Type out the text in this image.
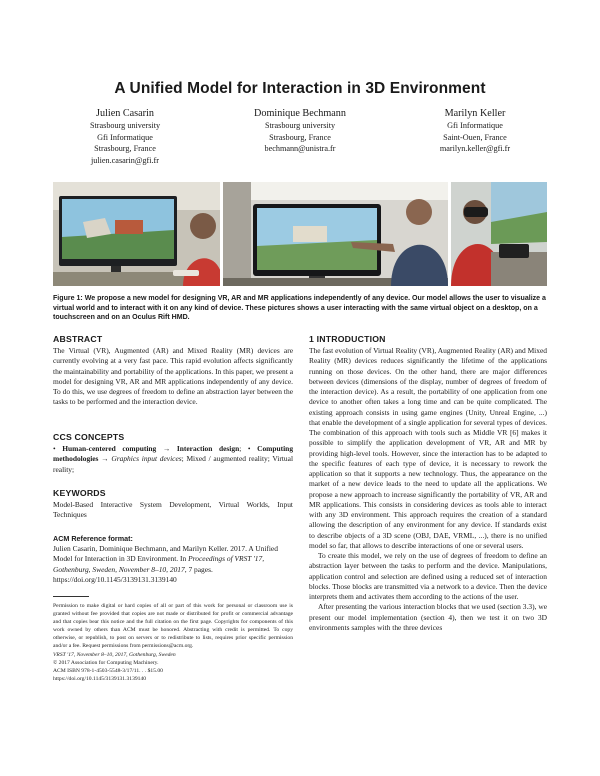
A Unified Model for Interaction in 3D Environment
Julien Casarin
Strasbourg university
Gfi Informatique
Strasbourg, France
julien.casarin@gfi.fr
Dominique Bechmann
Strasbourg university
Strasbourg, France
bechmann@unistra.fr
Marilyn Keller
Gfi Informatique
Saint-Ouen, France
marilyn.keller@gfi.fr
Figure 1: We propose a new model for designing VR, AR and MR applications independently of any device. Our model allows the user to visualize a virtual world and to interact with it on any kind of device. These pictures shows a user interacting with the same virtual object on a desktop, on a touchscreen and on an Oculus Rift HMD.
ABSTRACT

The Virtual (VR), Augmented (AR) and Mixed Reality (MR) devices are currently evolving at a very fast pace. This rapid evolution affects significantly the maintainability and portability of the applications. In this paper, we present a model for designing VR, AR and MR applications independently of any device. To do this, we use degrees of freedom to define an abstraction layer between the tasks to be performed and the interaction device.

CCS CONCEPTS

• Human-centered computing → Interaction design; • Computing methodologies → Graphics input devices; Mixed / augmented reality; Virtual reality;

KEYWORDS

Model-Based Interactive System Development, Virtual Worlds, Input Techniques

ACM Reference format:

Julien Casarin, Dominique Bechmann, and Marilyn Keller. 2017. A Unified Model for Interaction in 3D Environment. In Proceedings of VRST '17, Gothenburg, Sweden, November 8–10, 2017, 7 pages.
https://doi.org/10.1145/3139131.3139140

Permission to make digital or hard copies of all or part of this work for personal or classroom use is granted without fee provided that copies are not made or distributed for profit or commercial advantage and that copies bear this notice and the full citation on the first page. Copyrights for components of this work owned by others than ACM must be honored. Abstracting with credit is permitted. To copy otherwise, or republish, to post on servers or to redistribute to lists, requires prior specific permission and/or a fee. Request permissions from permissions@acm.org.

VRST '17, November 8–10, 2017, Gothenburg, Sweden

© 2017 Association for Computing Machinery.

ACM ISBN 978-1-4503-5548-3/17/11. . . $15.00

https://doi.org/10.1145/3139131.3139140

1 INTRODUCTION

The fast evolution of Virtual Reality (VR), Augmented Reality (AR) and Mixed Reality (MR) devices reduces significantly the lifetime of the applications running on those devices. On the other hand, there are major differences between devices (dimensions of the display, number of degrees of freedom of the interaction device). As a result, the portability of one application from one device to another often takes a long time and can be quite complicated. The existing approach consists in using game engines (Unity, Unreal Engine, ...) that enable the development of a single application for several types of devices. The combination of this approach with tools such as Middle VR [6] makes it possible to simplify the application development of VR, AR and MR by providing high-level tools. However, since the interaction has to be adapted to the specific features of each type of device, it is necessary to rework the application so that it supports a new technology. Thus, the appearance on the market of a new device leads to the need to update all the applications. We propose a new approach to increase significantly the portability of VR, AR and MR applications. This consists in considering devices as tools able to interact with any 3D environment. This approach requires the creation of a standard allowing the description of any environment for any device. If standards exist to describe objects of a 3D scene (OBJ, DAE, VRML, ...), there is no unified model so far, that allows to describe interactions of one or several users.

To create this model, we rely on the use of degrees of freedom to define an abstraction layer between the tasks to perform and the device. Manipulations, application control and selection are defined using a reduced set of interaction blocks. Those blocks are transmitted via a network to a device. Then the device interprets them and activates them according to the actions of the user.

After presenting the various interaction blocks that we used (section 3.3), we present our model implementation (section 4), then we test it on two 3D environments samples with the three devices
